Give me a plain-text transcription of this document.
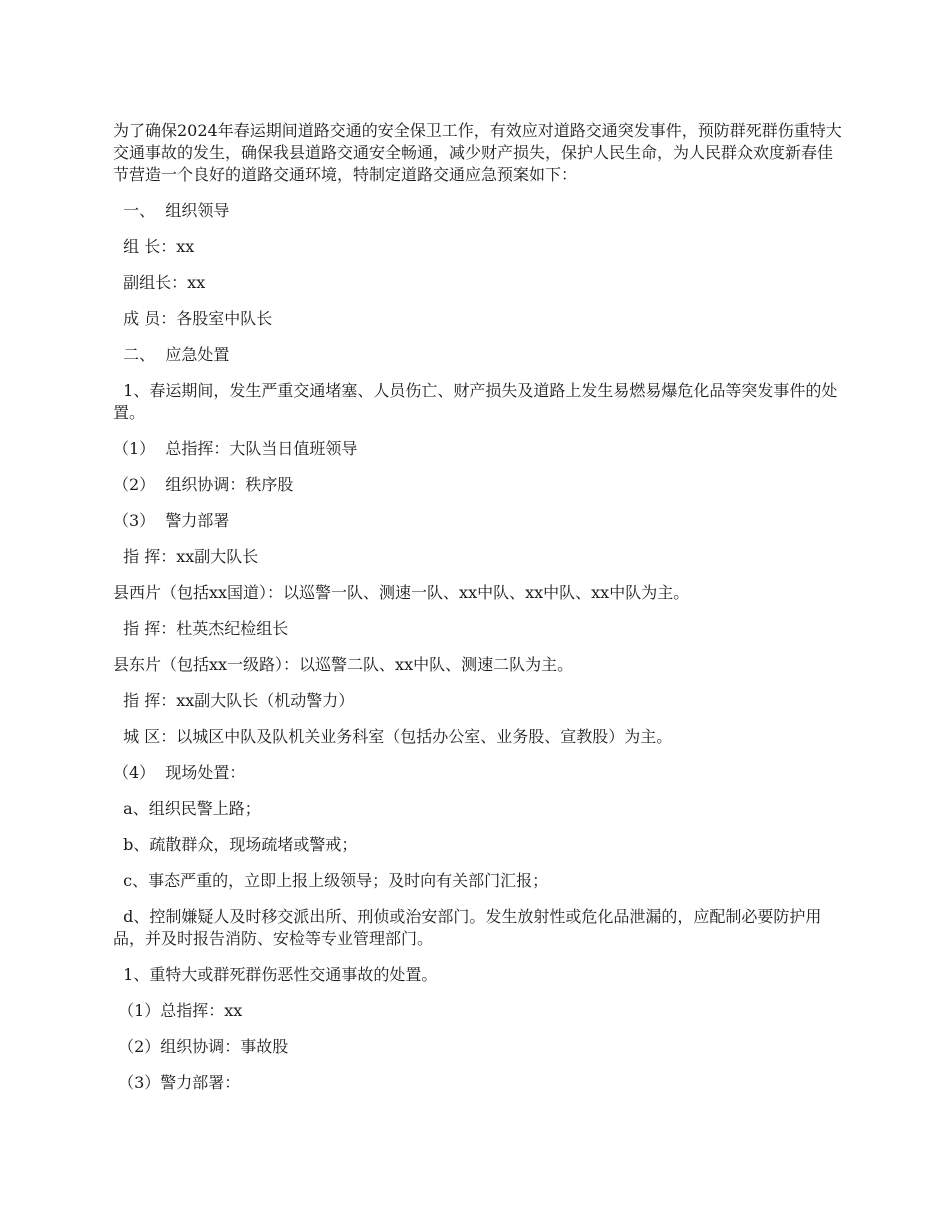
为了确保2024年春运期间道路交通的安全保卫工作，有效应对道路交通突发事件，预防群死群伤重特大交通事故的发生，确保我县道路交通安全畅通，减少财产损失，保护人民生命，为人民群众欢度新春佳节营造一个良好的道路交通环境，特制定道路交通应急预案如下：

一、  组织领导

组 长：xx

副组长：xx

成 员：各股室中队长

二、  应急处置

1、春运期间，发生严重交通堵塞、人员伤亡、财产损失及道路上发生易燃易爆危化品等突发事件的处置。

（1）  总指挥：大队当日值班领导

（2）  组织协调：秩序股

（3）  警力部署

指 挥：xx副大队长

县西片（包括xx国道）：以巡警一队、测速一队、xx中队、xx中队、xx中队为主。

指 挥：杜英杰纪检组长

县东片（包括xx一级路）：以巡警二队、xx中队、测速二队为主。

指 挥：xx副大队长（机动警力）

城 区：以城区中队及队机关业务科室（包括办公室、业务股、宣教股）为主。

（4）  现场处置：

a、组织民警上路；

b、疏散群众，现场疏堵或警戒；

c、事态严重的，立即上报上级领导；及时向有关部门汇报；

d、控制嫌疑人及时移交派出所、刑侦或治安部门。发生放射性或危化品泄漏的，应配制必要防护用品，并及时报告消防、安检等专业管理部门。

1、重特大或群死群伤恶性交通事故的处置。

（1）总指挥：xx

（2）组织协调：事故股

（3）警力部署：
